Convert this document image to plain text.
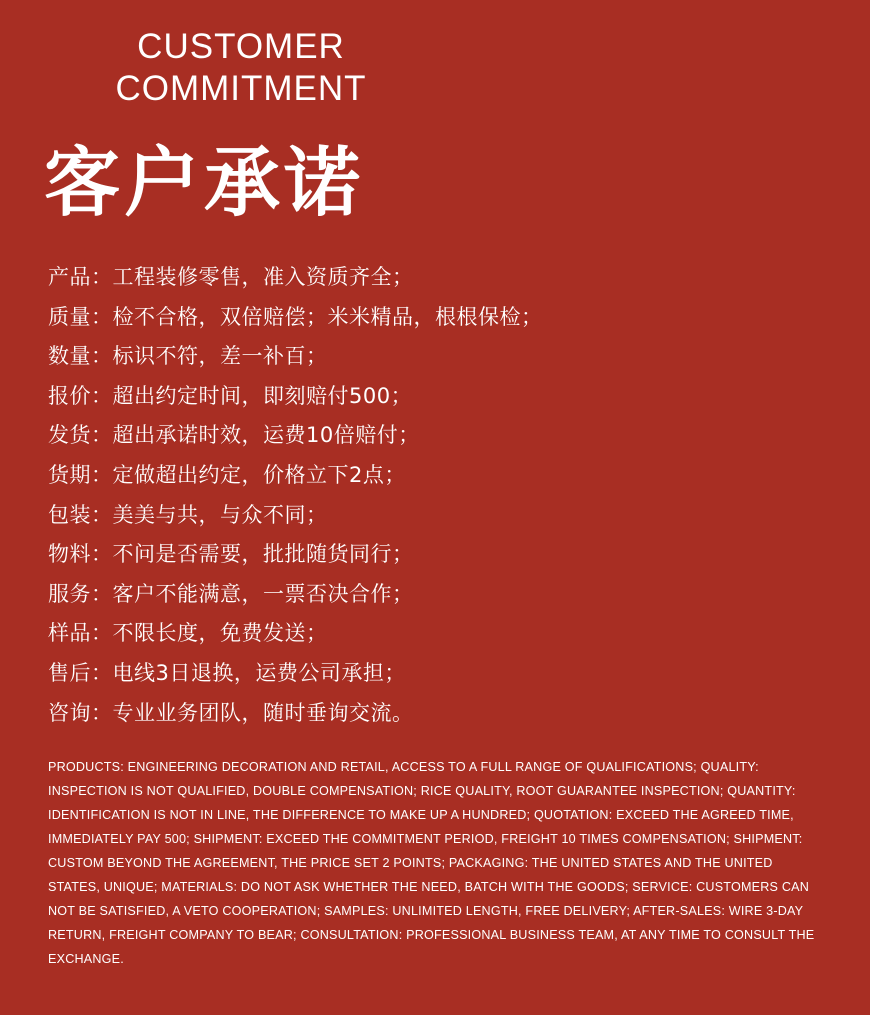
CUSTOMER
COMMITMENT
客户承诺
产品：工程装修零售，准入资质齐全；
质量：检不合格，双倍赔偿；米米精品，根根保检；
数量：标识不符，差一补百；
报价：超出约定时间，即刻赔付500；
发货：超出承诺时效，运费10倍赔付；
货期：定做超出约定，价格立下2点；
包装：美美与共，与众不同；
物料：不问是否需要，批批随货同行；
服务：客户不能满意，一票否决合作；
样品：不限长度，免费发送；
售后：电线3日退换，运费公司承担；
咨询：专业业务团队，随时垂询交流。

PRODUCTS: ENGINEERING DECORATION AND RETAIL, ACCESS TO A FULL RANGE OF QUALIFICATIONS; QUALITY: INSPECTION IS NOT QUALIFIED, DOUBLE COMPENSATION; RICE QUALITY, ROOT GUARANTEE INSPECTION; QUANTITY: IDENTIFICATION IS NOT IN LINE, THE DIFFERENCE TO MAKE UP A HUNDRED; QUOTATION: EXCEED THE AGREED TIME, IMMEDIATELY PAY 500; SHIPMENT: EXCEED THE COMMITMENT PERIOD, FREIGHT 10 TIMES COMPENSATION; SHIPMENT: CUSTOM BEYOND THE AGREEMENT, THE PRICE SET 2 POINTS; PACKAGING: THE UNITED STATES AND THE UNITED STATES, UNIQUE; MATERIALS: DO NOT ASK WHETHER THE NEED, BATCH WITH THE GOODS; SERVICE: CUSTOMERS CAN NOT BE SATISFIED, A VETO COOPERATION; SAMPLES: UNLIMITED LENGTH, FREE DELIVERY; AFTER-SALES: WIRE 3-DAY RETURN, FREIGHT COMPANY TO BEAR; CONSULTATION: PROFESSIONAL BUSINESS TEAM, AT ANY TIME TO CONSULT THE EXCHANGE.
